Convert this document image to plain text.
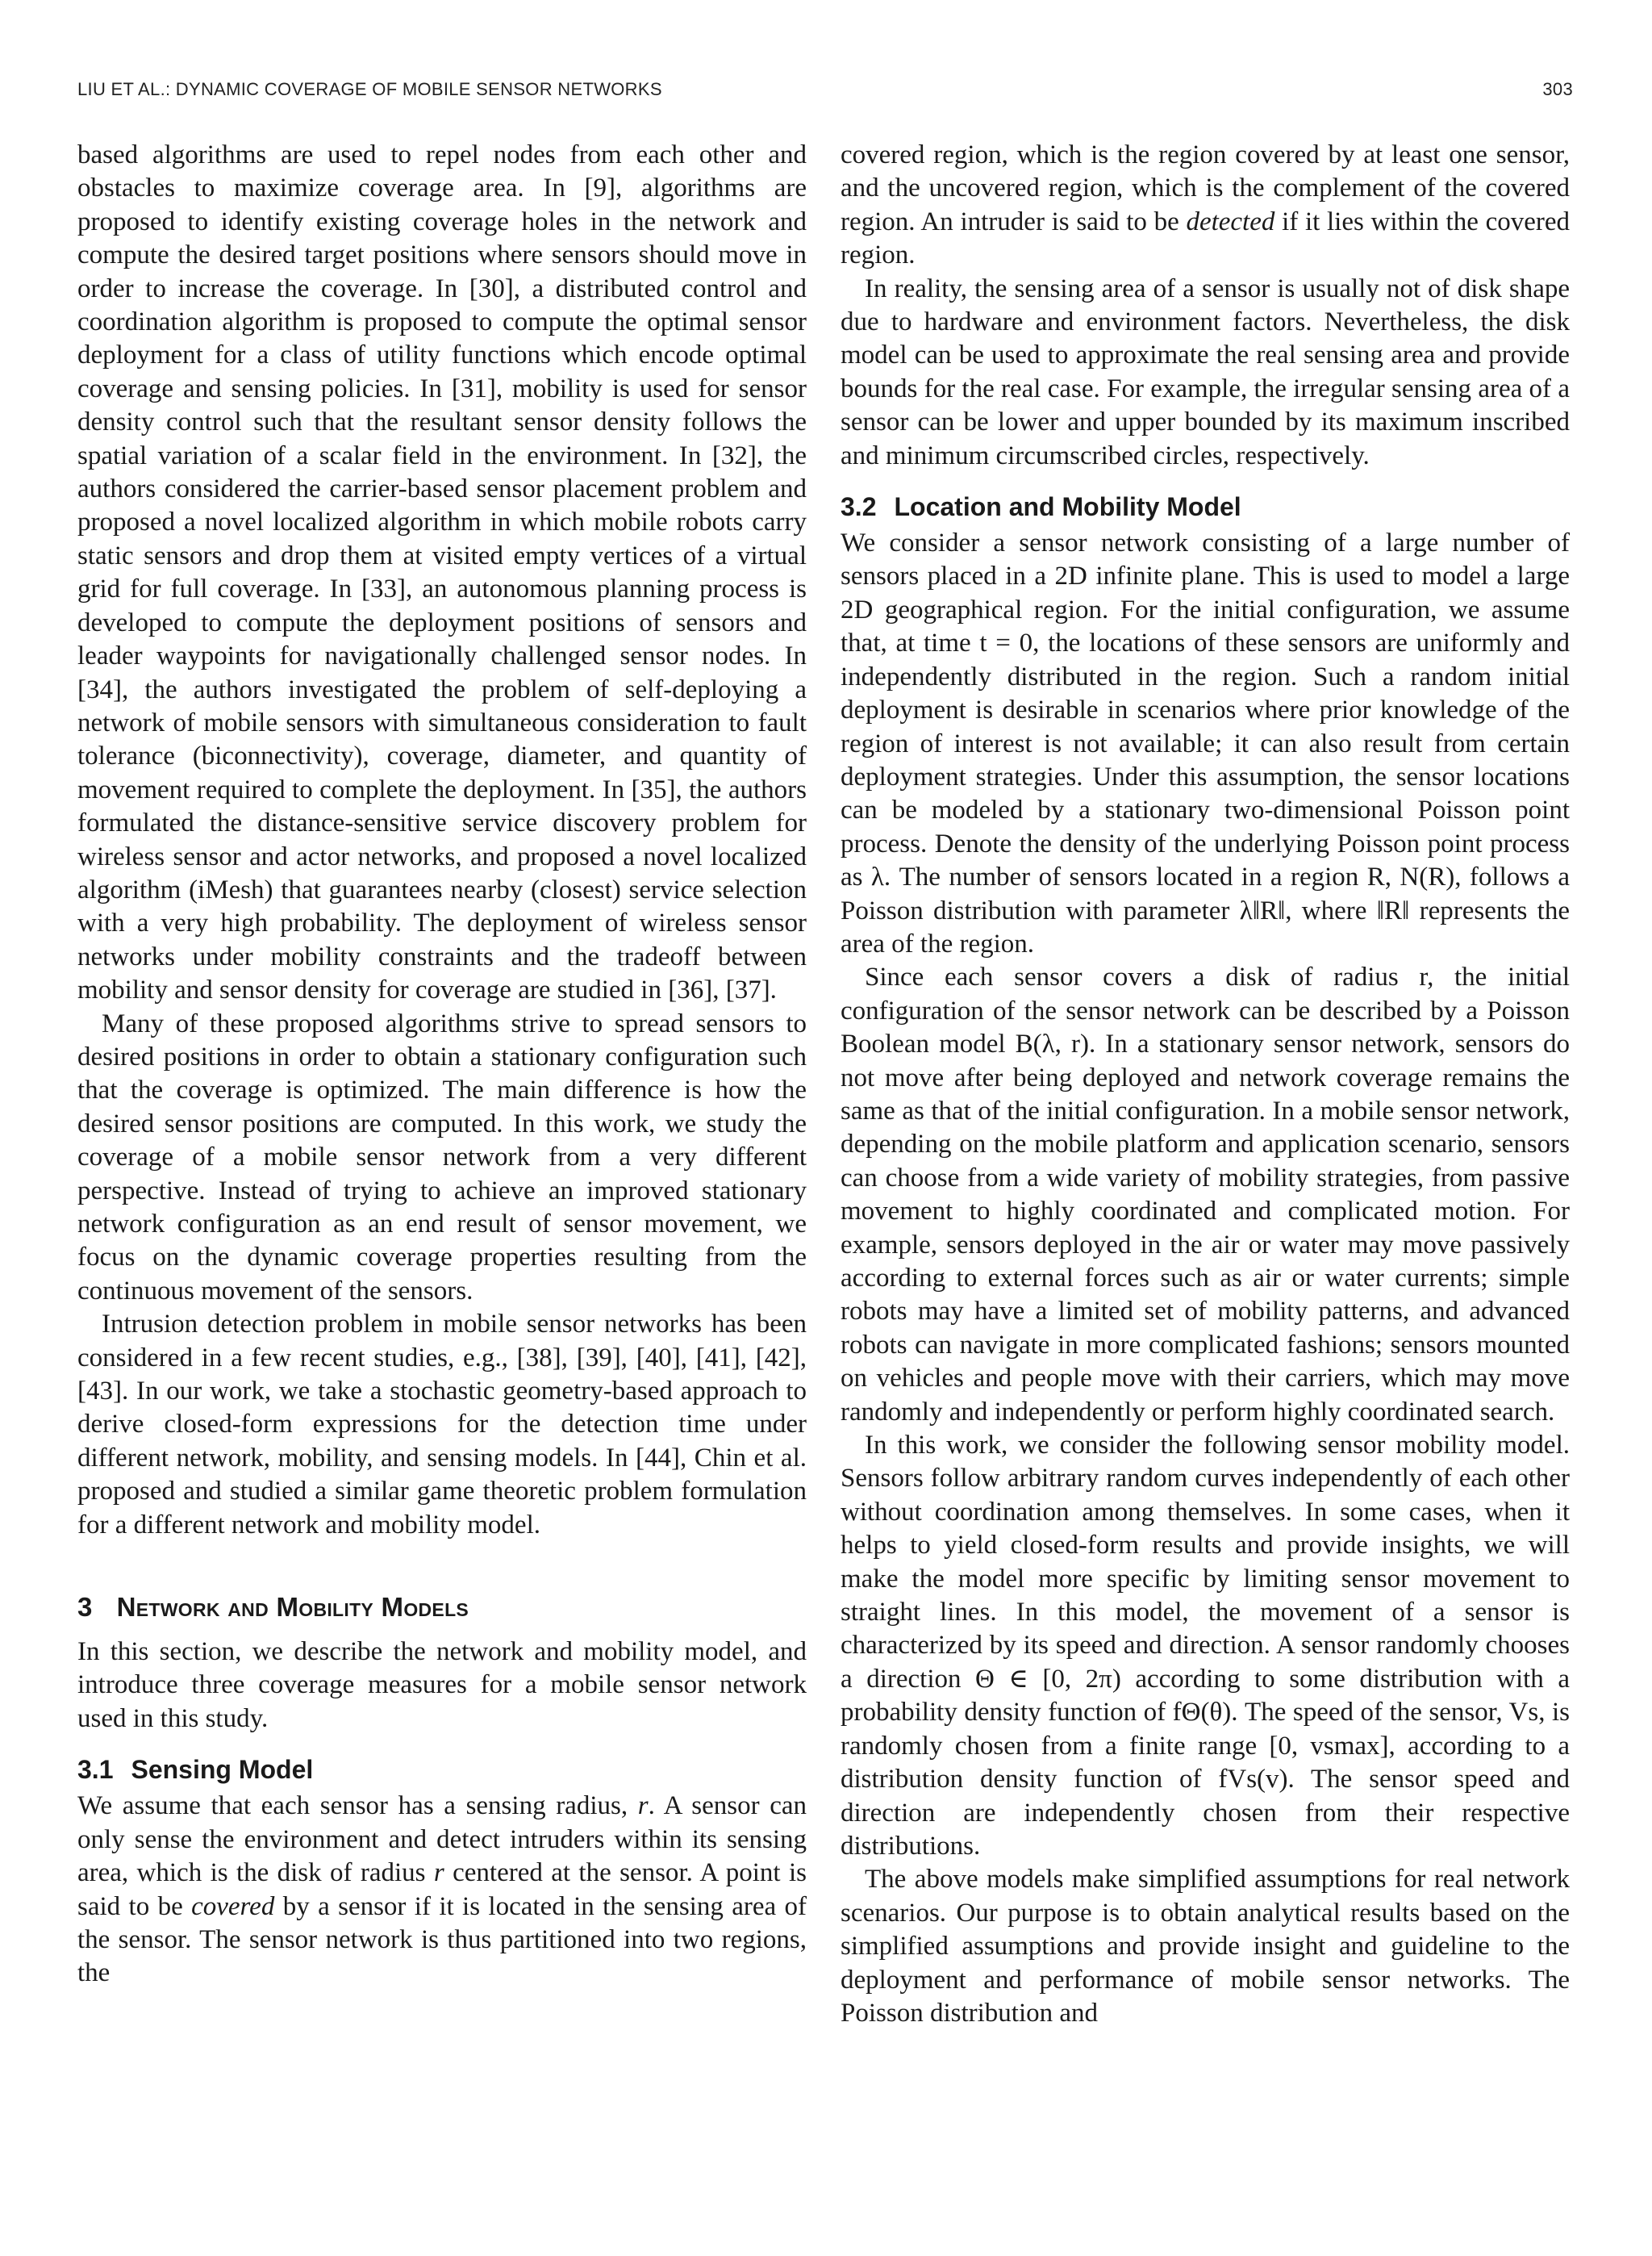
LIU ET AL.: DYNAMIC COVERAGE OF MOBILE SENSOR NETWORKS	303

based algorithms are used to repel nodes from each other and obstacles to maximize coverage area. In [9], algorithms are proposed to identify existing coverage holes in the network and compute the desired target positions where sensors should move in order to increase the coverage. In [30], a distributed control and coordination algorithm is proposed to compute the optimal sensor deployment for a class of utility functions which encode optimal coverage and sensing policies. In [31], mobility is used for sensor density control such that the resultant sensor density follows the spatial variation of a scalar field in the environment. In [32], the authors considered the carrier-based sensor placement problem and proposed a novel localized algorithm in which mobile robots carry static sensors and drop them at visited empty vertices of a virtual grid for full coverage. In [33], an autonomous planning process is developed to compute the deployment positions of sensors and leader waypoints for navigationally challenged sensor nodes. In [34], the authors investigated the problem of self-deploying a network of mobile sensors with simultaneous consideration to fault tolerance (biconnectivity), coverage, diameter, and quantity of movement required to complete the deployment. In [35], the authors formulated the distance-sensitive service discovery problem for wireless sensor and actor networks, and proposed a novel localized algorithm (iMesh) that guarantees nearby (closest) service selection with a very high probability. The deployment of wireless sensor networks under mobility constraints and the tradeoff between mobility and sensor density for coverage are studied in [36], [37].

Many of these proposed algorithms strive to spread sensors to desired positions in order to obtain a stationary configuration such that the coverage is optimized. The main difference is how the desired sensor positions are computed. In this work, we study the coverage of a mobile sensor network from a very different perspective. Instead of trying to achieve an improved stationary network configuration as an end result of sensor movement, we focus on the dynamic coverage properties resulting from the continuous movement of the sensors.

Intrusion detection problem in mobile sensor networks has been considered in a few recent studies, e.g., [38], [39], [40], [41], [42], [43]. In our work, we take a stochastic geometry-based approach to derive closed-form expressions for the detection time under different network, mobility, and sensing models. In [44], Chin et al. proposed and studied a similar game theoretic problem formulation for a different network and mobility model.

3 Network and Mobility Models

In this section, we describe the network and mobility model, and introduce three coverage measures for a mobile sensor network used in this study.

3.1 Sensing Model

We assume that each sensor has a sensing radius, r. A sensor can only sense the environment and detect intruders within its sensing area, which is the disk of radius r centered at the sensor. A point is said to be covered by a sensor if it is located in the sensing area of the sensor. The sensor network is thus partitioned into two regions, the

covered region, which is the region covered by at least one sensor, and the uncovered region, which is the complement of the covered region. An intruder is said to be detected if it lies within the covered region.

In reality, the sensing area of a sensor is usually not of disk shape due to hardware and environment factors. Nevertheless, the disk model can be used to approximate the real sensing area and provide bounds for the real case. For example, the irregular sensing area of a sensor can be lower and upper bounded by its maximum inscribed and minimum circumscribed circles, respectively.

3.2 Location and Mobility Model

We consider a sensor network consisting of a large number of sensors placed in a 2D infinite plane. This is used to model a large 2D geographical region. For the initial configuration, we assume that, at time t = 0, the locations of these sensors are uniformly and independently distributed in the region. Such a random initial deployment is desirable in scenarios where prior knowledge of the region of interest is not available; it can also result from certain deployment strategies. Under this assumption, the sensor locations can be modeled by a stationary two-dimensional Poisson point process. Denote the density of the underlying Poisson point process as λ. The number of sensors located in a region R, N(R), follows a Poisson distribution with parameter λ‖R‖, where ‖R‖ represents the area of the region.

Since each sensor covers a disk of radius r, the initial configuration of the sensor network can be described by a Poisson Boolean model B(λ, r). In a stationary sensor network, sensors do not move after being deployed and network coverage remains the same as that of the initial configuration. In a mobile sensor network, depending on the mobile platform and application scenario, sensors can choose from a wide variety of mobility strategies, from passive movement to highly coordinated and complicated motion. For example, sensors deployed in the air or water may move passively according to external forces such as air or water currents; simple robots may have a limited set of mobility patterns, and advanced robots can navigate in more complicated fashions; sensors mounted on vehicles and people move with their carriers, which may move randomly and independently or perform highly coordinated search.

In this work, we consider the following sensor mobility model. Sensors follow arbitrary random curves independently of each other without coordination among themselves. In some cases, when it helps to yield closed-form results and provide insights, we will make the model more specific by limiting sensor movement to straight lines. In this model, the movement of a sensor is characterized by its speed and direction. A sensor randomly chooses a direction Θ ∈ [0, 2π) according to some distribution with a probability density function of fΘ(θ). The speed of the sensor, Vs, is randomly chosen from a finite range [0, vsmax], according to a distribution density function of fVs(v). The sensor speed and direction are independently chosen from their respective distributions.

The above models make simplified assumptions for real network scenarios. Our purpose is to obtain analytical results based on the simplified assumptions and provide insight and guideline to the deployment and performance of mobile sensor networks. The Poisson distribution and
